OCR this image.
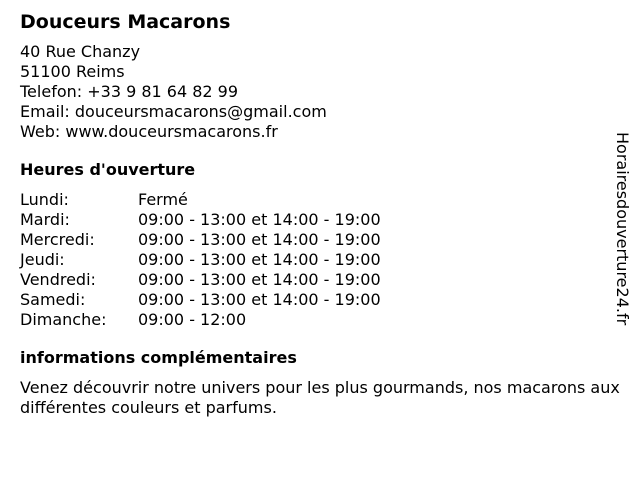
Douceurs Macarons
40 Rue Chanzy
51100 Reims
Telefon: +33 9 81 64 82 99
Email: douceursmacarons@gmail.com
Web: www.douceursmacarons.fr
Heures d'ouverture
Lundi:	Fermé
Mardi:	09:00 - 13:00 et 14:00 - 19:00
Mercredi:	09:00 - 13:00 et 14:00 - 19:00
Jeudi:	09:00 - 13:00 et 14:00 - 19:00
Vendredi:	09:00 - 13:00 et 14:00 - 19:00
Samedi:	09:00 - 13:00 et 14:00 - 19:00
Dimanche:	09:00 - 12:00
informations complémentaires
Venez découvrir notre univers pour les plus gourmands, nos macarons aux différentes couleurs et parfums.
Horairesdouverture24.fr
